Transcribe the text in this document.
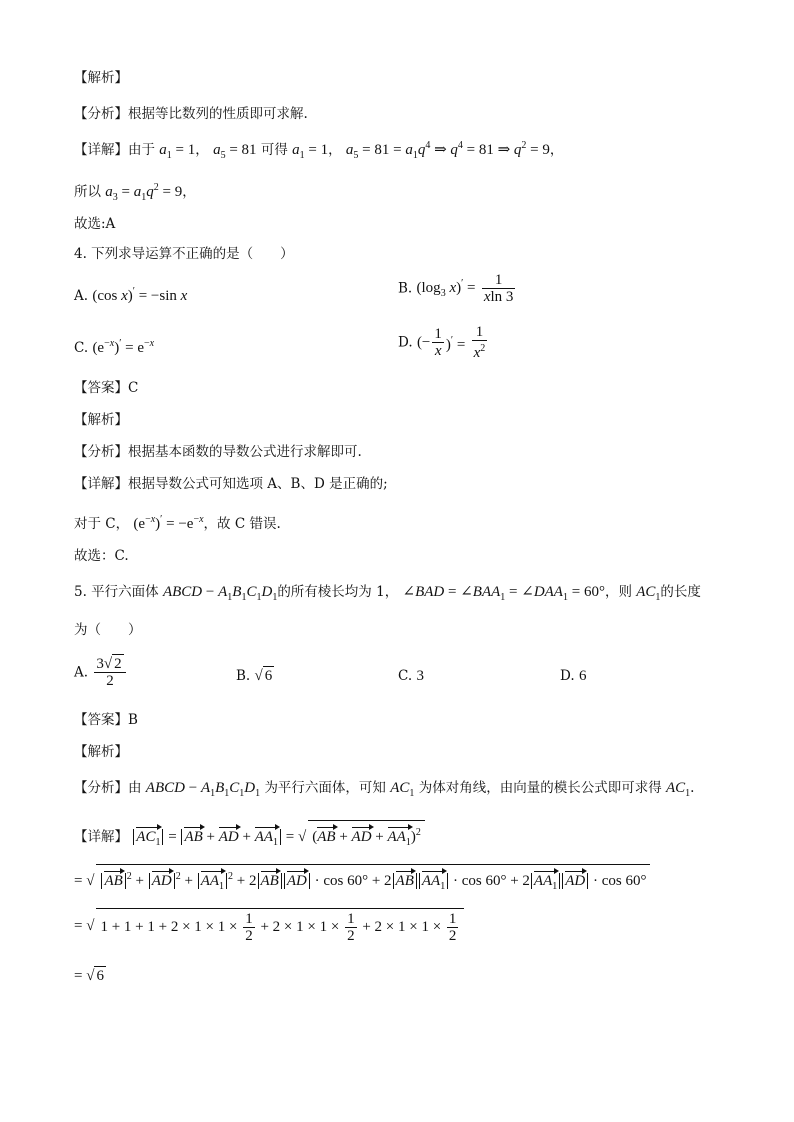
【解析】
【分析】根据等比数列的性质即可求解.
【详解】由于 $a_1 = 1$， $a_5 = 81$ 可得 $a_1 = 1$， $a_5 = 81 = a_1q^4$ ⇒ $q^4 = 81$ ⇒ $q^2 = 9$，
所以 $a_3 = a_1q^2 = 9$，
故选:A
4. 下列求导运算不正确的是（　　）
A. (cos x)′ = −sin x	B. ($\log_3$ $x)' = \frac{1}{xln 3}$
C. $(e^{-x})' = e^{-x}$	D. (− $\frac{1}{x} )' = \frac{1}{x^2}$
【答案】C
【解析】
【分析】根据基本函数的导数公式进行求解即可.
【详解】根据导数公式可知选项 A、B、D 是正确的;
对于 C， $(e^{-x})' = -e^{-x}$，故 C 错误.
故选：C.
5. 平行六面体 ABCD − $A_1B_1C_1D_1$的所有棱长均为 1， ∠BAD = $\angle BAA_1$ = $\angle DAA_1 = 60^\circ$，则 $AC_1$的长度
为（　　）
A. $\frac{3√ 2}{2}$	B. √ 6	C. 3	D. 6
【答案】B
【解析】
【分析】由 ABCD − $A_1B_1C_1D_1$ 为平行六面体，可知 $AC_1$ 为体对角线，由向量的模长公式即可求得 $AC_1$.
【详解】 $AC_1$ = AB + AD + $AA_1$ = √ (AB + AD + $AA_1)^2$
= √ AB $^2$ + AD $^2 + AA_1^2 + 2$ AB AD · cos 60° + 2 AB $AA_1 \cdot \cos 60^\circ + 2$ $AA_1$ AD · cos 60°
= √ $1 + 1 + 1 + 2 \times 1 \times 1 \times \frac{1}{2} + 2 \times 1 \times 1 \times \frac{1}{2} + 2 \times 1 \times 1 \times \frac{1}{2}$
= √ 6
